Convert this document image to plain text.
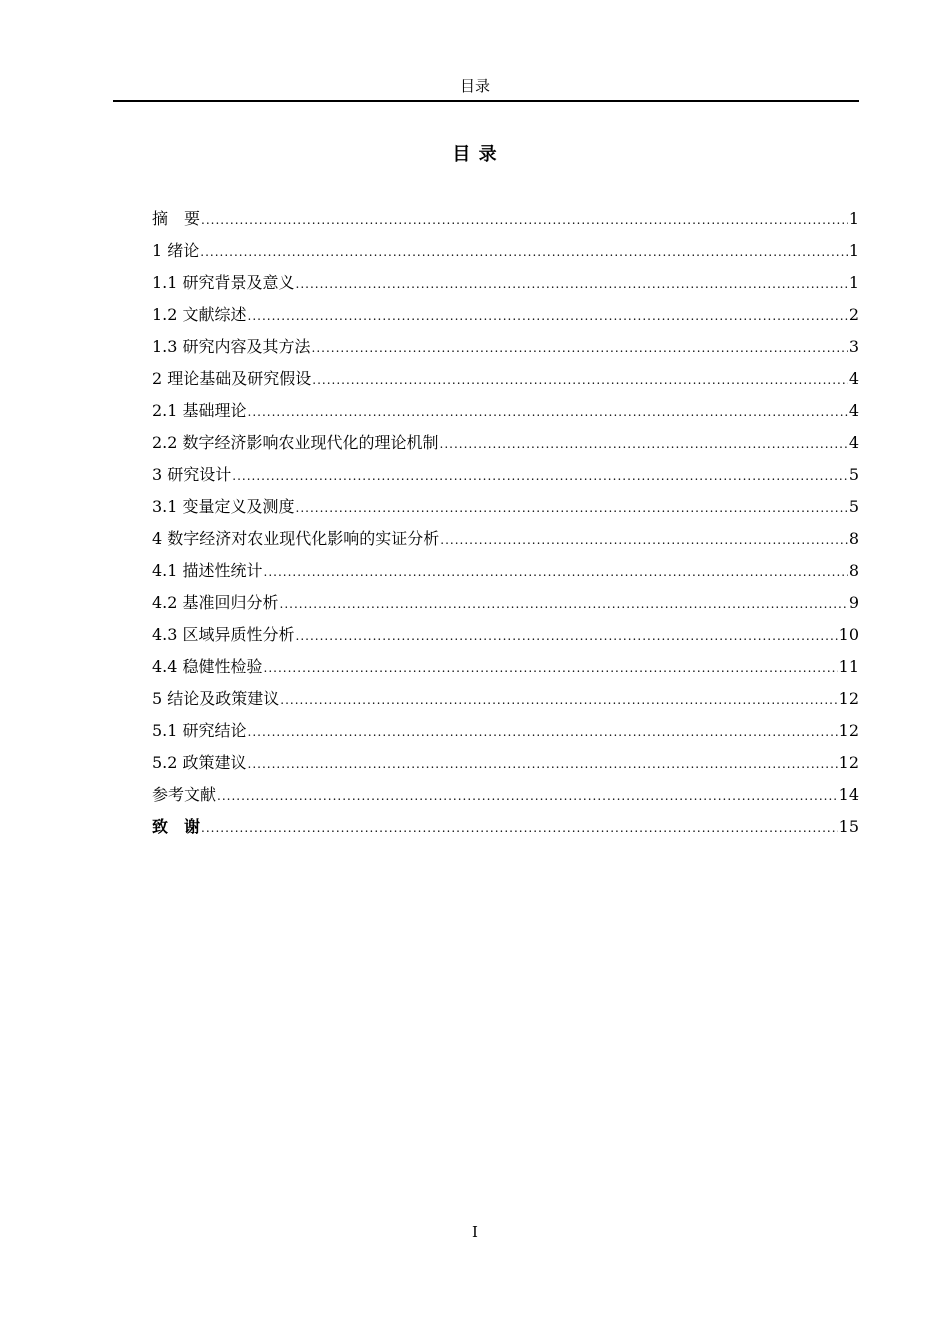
目录
目 录
摘　要 .....	1
1 绪论 .....	1
1.1 研究背景及意义 .....	1
1.2 文献综述 .....	2
1.3 研究内容及其方法 .....	3
2 理论基础及研究假设 .....	4
2.1 基础理论 .....	4
2.2 数字经济影响农业现代化的理论机制 .....	4
3 研究设计 .....	5
3.1 变量定义及测度 .....	5
4 数字经济对农业现代化影响的实证分析 .....	8
4.1 描述性统计 .....	8
4.2 基准回归分析 .....	9
4.3 区域异质性分析 .....	10
4.4 稳健性检验 .....	11
5 结论及政策建议 .....	12
5.1 研究结论 .....	12
5.2 政策建议 .....	12
参考文献 .....	14
致　谢 .....	15
I
